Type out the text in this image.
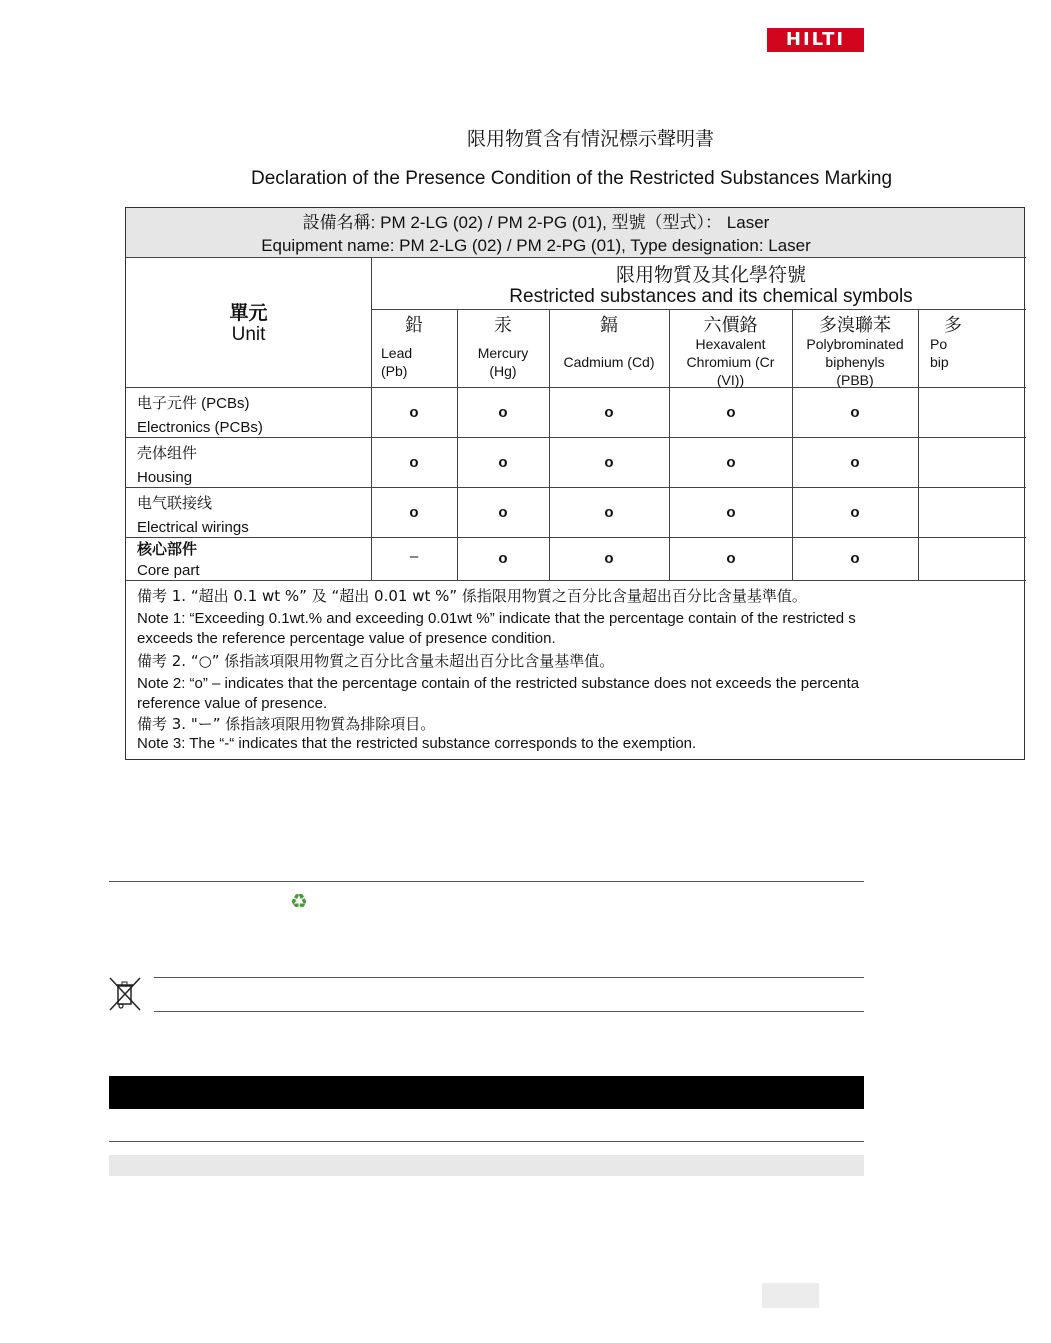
HILTI
限用物質含有情況標示聲明書
Declaration of the Presence Condition of the Restricted Substances Marking
設備名稱: PM 2-LG (02) / PM 2-PG (01), 型號（型式）： Laser
Equipment name: PM 2-LG (02) / PM 2-PG (01), Type designation: Laser
單元
Unit
限用物質及其化學符號
Restricted substances and its chemical symbols
鉛
Lead
(Pb)
汞
Mercury
(Hg)
鎘
Cadmium (Cd)
六價鉻
Hexavalent
Chromium (Cr
(VI))
多溴聯苯
Polybrominated
biphenyls
(PBB)
多
Po
bip
电子元件 (PCBs)
Electronics (PCBs)
o	o	o	o	o
壳体组件
Housing
o	o	o	o	o
电气联接线
Electrical wirings
o	o	o	o	o
核心部件
Core part
–	o	o	o	o
備考 1. “超出 0.1 wt %” 及 “超出 0.01 wt %” 係指限用物質之百分比含量超出百分比含量基準值。
Note 1: “Exceeding 0.1wt.% and exceeding 0.01wt %” indicate that the percentage contain of the restricted s
exceeds the reference percentage value of presence condition.
備考 2. “○” 係指該項限用物質之百分比含量未超出百分比含量基準值。
Note 2: “o” – indicates that the percentage contain of the restricted substance does not exceeds the percenta
reference value of presence.
備考 3. "ー” 係指該項限用物質為排除項目。
Note 3: The “-“ indicates that the restricted substance corresponds to the exemption.
♻
